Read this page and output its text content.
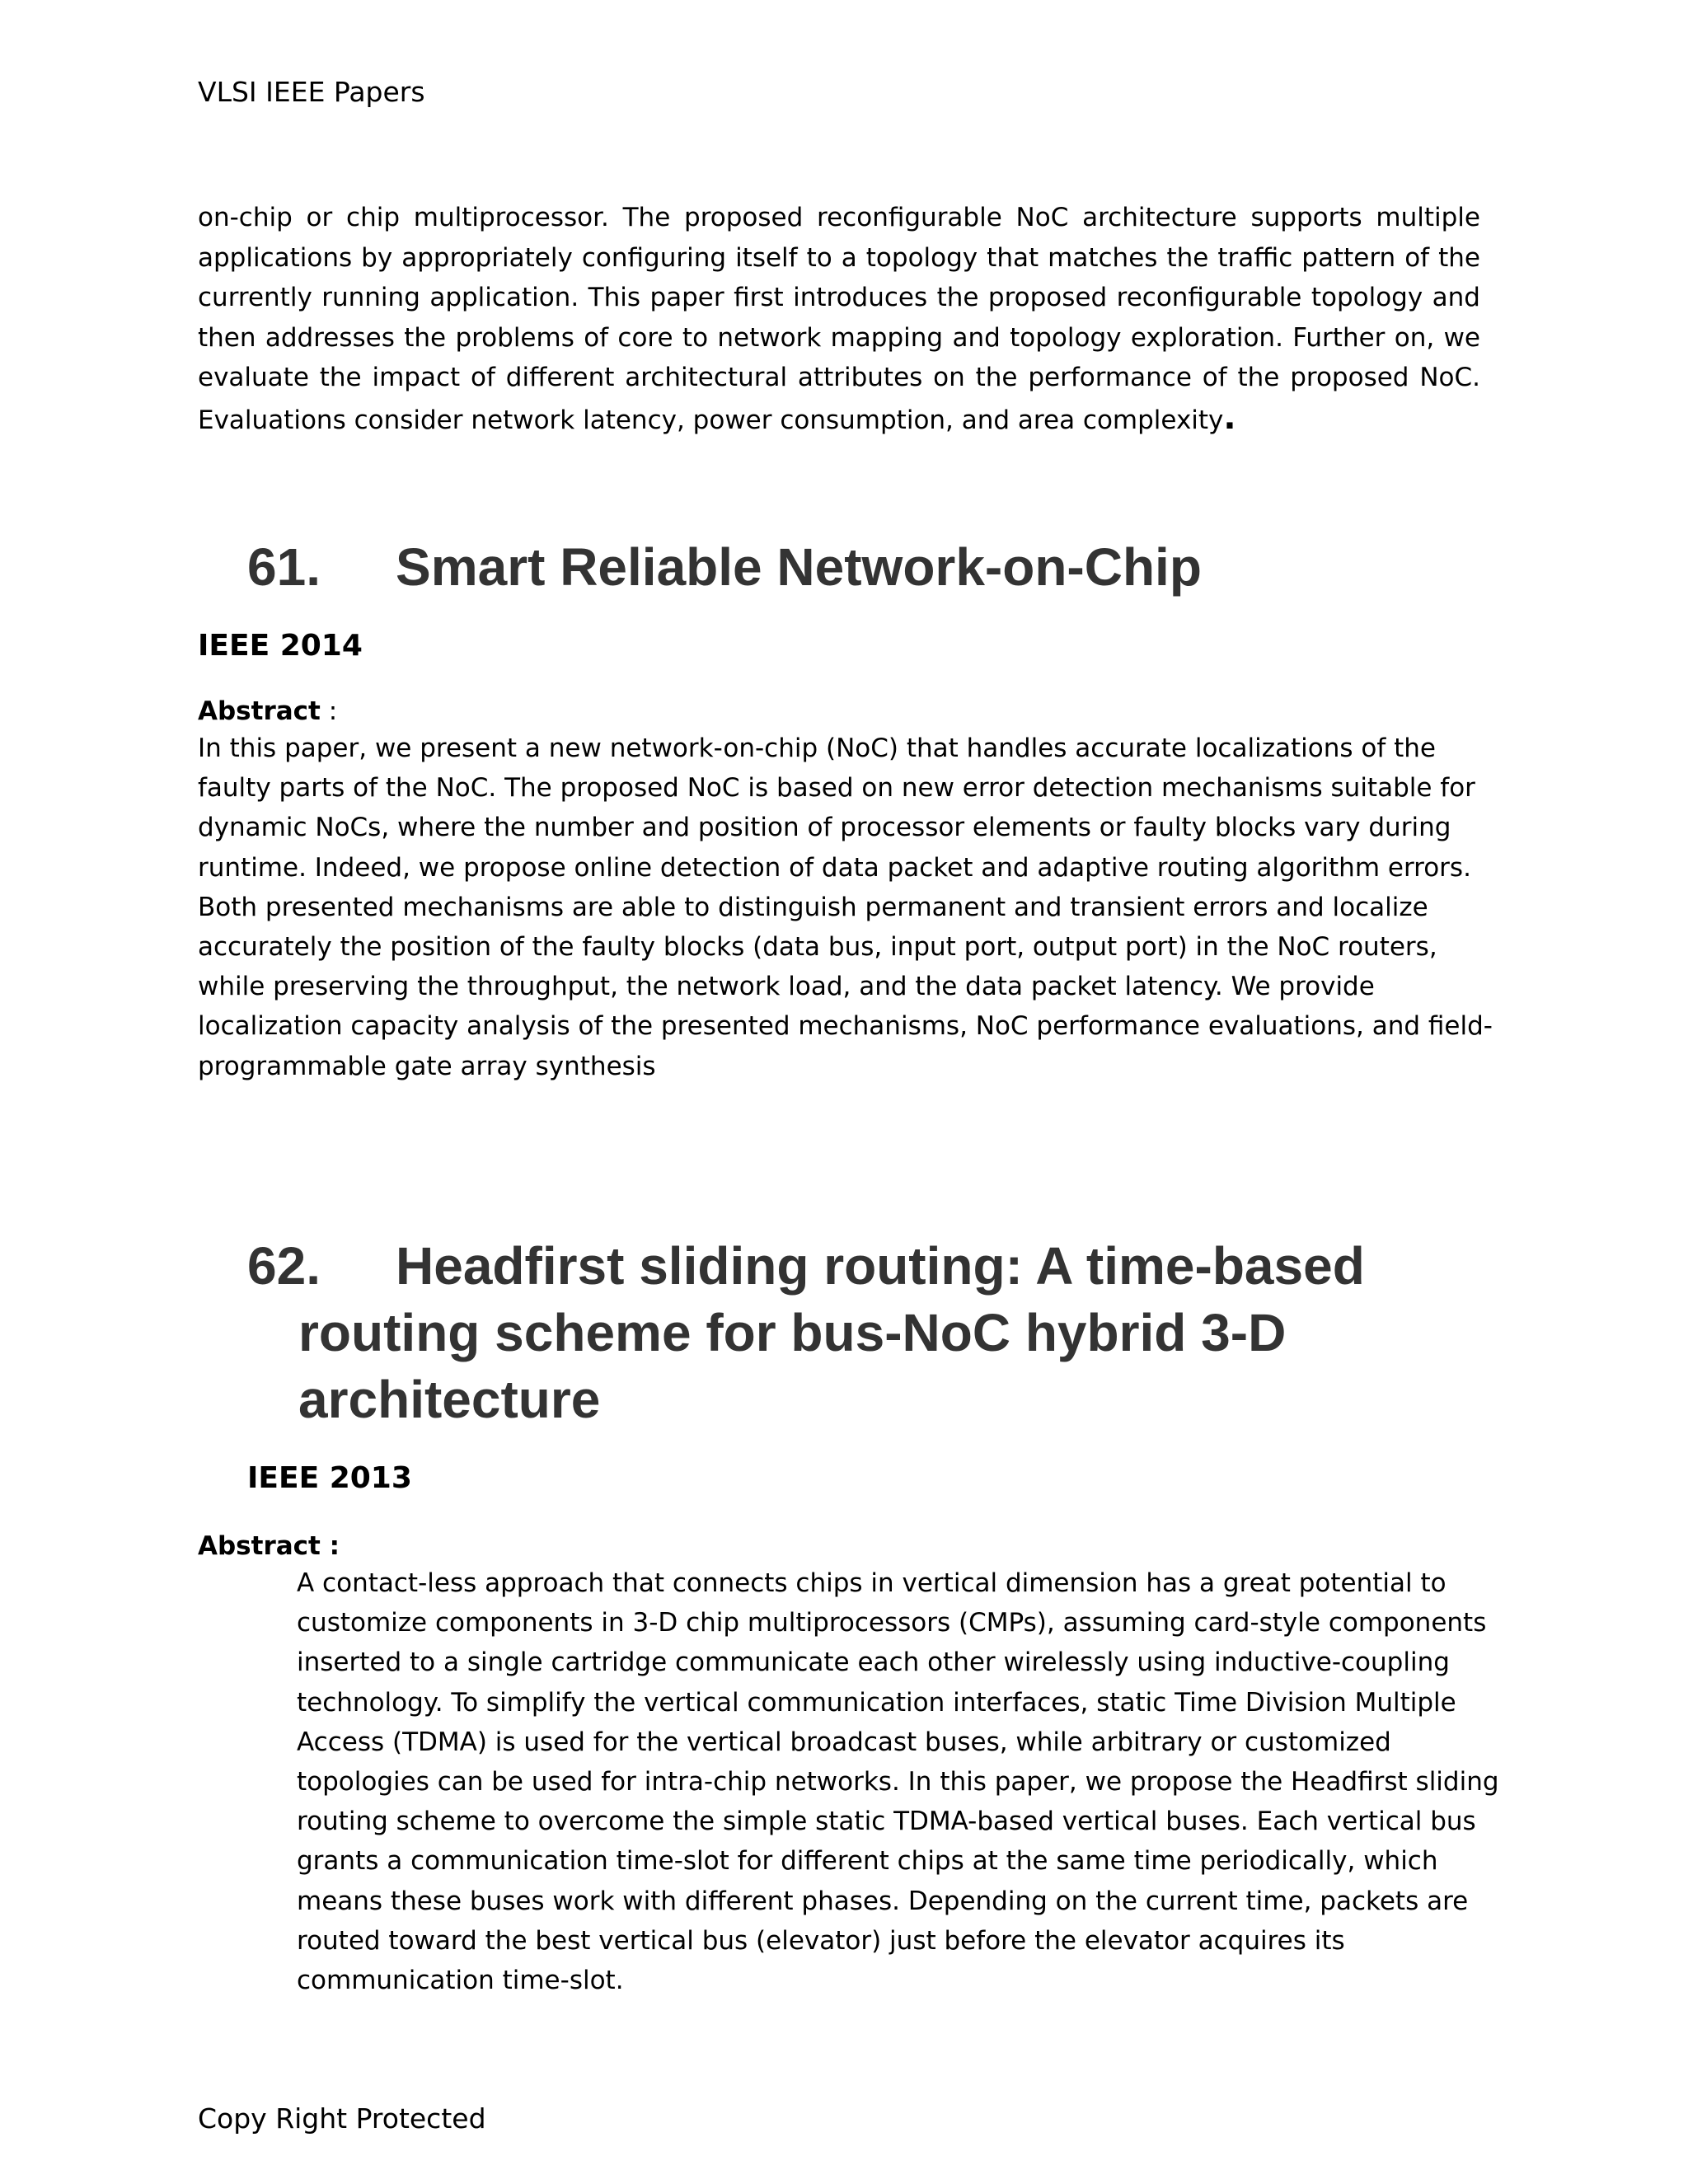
VLSI IEEE Papers

on-chip or chip multiprocessor. The proposed reconfigurable NoC architecture supports multiple applications by appropriately configuring itself to a topology that matches the traffic pattern of the currently running application. This paper first introduces the proposed reconfigurable topology and then addresses the problems of core to network mapping and topology exploration. Further on, we evaluate the impact of different architectural attributes on the performance of the proposed NoC. Evaluations consider network latency, power consumption, and area complexity.

61. Smart Reliable Network-on-Chip

IEEE 2014

Abstract :

In this paper, we present a new network-on-chip (NoC) that handles accurate localizations of the faulty parts of the NoC. The proposed NoC is based on new error detection mechanisms suitable for dynamic NoCs, where the number and position of processor elements or faulty blocks vary during runtime. Indeed, we propose online detection of data packet and adaptive routing algorithm errors. Both presented mechanisms are able to distinguish permanent and transient errors and localize accurately the position of the faulty blocks (data bus, input port, output port) in the NoC routers, while preserving the throughput, the network load, and the data packet latency. We provide localization capacity analysis of the presented mechanisms, NoC performance evaluations, and field-programmable gate array synthesis

62. Headfirst sliding routing: A time-based routing scheme for bus-NoC hybrid 3-D architecture

IEEE 2013

Abstract :

A contact-less approach that connects chips in vertical dimension has a great potential to customize components in 3-D chip multiprocessors (CMPs), assuming card-style components inserted to a single cartridge communicate each other wirelessly using inductive-coupling technology. To simplify the vertical communication interfaces, static Time Division Multiple Access (TDMA) is used for the vertical broadcast buses, while arbitrary or customized topologies can be used for intra-chip networks. In this paper, we propose the Headfirst sliding routing scheme to overcome the simple static TDMA-based vertical buses. Each vertical bus grants a communication time-slot for different chips at the same time periodically, which means these buses work with different phases. Depending on the current time, packets are routed toward the best vertical bus (elevator) just before the elevator acquires its communication time-slot.

Copy Right Protected
